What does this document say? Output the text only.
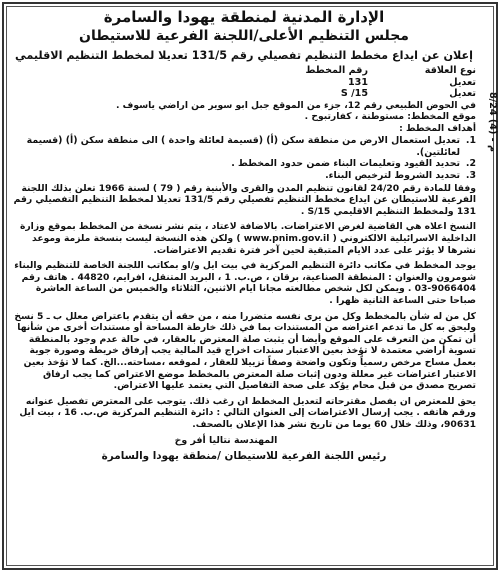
م - (4) 8/24

الإدارة المدنية لمنطقة يهودا والسامرة

مجلس التنظيم الأعلى/اللجنة الفرعية للاستيطان

إعلان عن ايداع مخطط التنظيم تفصيلي رقم 131/5 تعديلا لمخطط التنظيم الاقليمي

نوع العلاقة
رقم المخطط
تعديل
131
تعديل
S /15

في الحوض الطبيعي رقم 12، جزء من الموقع جبل ابو سوير من اراضي ياسوف .

موقع المخطط: مستوطنة ، كفارتبوح .

أهداف المخطط :

1.
تعديل استعمال الارض من منطقة سكن (أ) (قسيمة لعائلة واحدة ) الى منطقة سكن (أ) (قسيمة لعائلتين).
2.
تحديد القيود وتعليمات البناء ضمن حدود المخطط .
3.
تحديد الشروط لترخيص البناء.

وفقا للمادة رقم 24/20 لقانون تنظيم المدن والقرى والأبنية رقم ( 79 ) لسنة 1966 تعلن بذلك اللجنة الفرعية للاستيطان عن ايداع مخطط التنظيم تفصيلي رقم 131/5 تعديلا لمخطط التنظيم التفصيلي رقم 131 ولمخطط التنظيم الاقليمي S/15 .

النسخ اعلاه هي القاضية لغرض الاعتراضات. بالاضافة لاعتاد ، يتم نشر نسخة من المخطط بموقع وزارة الداخلية الاسرائيلية الالكتروني ( www.pnim.gov.il ) ولكن هذه النسخة ليست بنسخة ملزمة وموعد نشرها لا يؤثر على عدد الايام المتبقية لحين آخر فترة تقديم الاعتراضات.

يوجد المخطط في مكاتب دائرة التنظيم المركزية في بيت ايل و/او بمكاتب اللجنة الخاصة للتنظيم والبناء شومرون والعنوان : المنطقة الصناعية، برقان ، ص.ب. 1 ، البريد المتنقل، افرايم، 44820 . هاتف رقم 9066404-03 . ويمكن لكل شخص مطالعته مجانا ايام الاثنين، الثلاثاء والخميس من الساعة العاشرة صباحا حتى الساعة الثانية ظهرا .

كل من له شأن بالمخطط وكل من يرى نفسه متضررا منه ، من حقه أن يتقدم باعتراض معلل ب ـ 5 نسخ وليحق به كل ما تدعم اعتراضه من المستندات بما في ذلك خارطة المساحة أو مستندات أخرى من شأنها أن تمكن من التعرف على الموقع وأيضا أن يثبت صلة المعترض بالعقار، في حالة عدم وجود بالمنطقة تسوية أراضي معتمدة لا تؤخذ بعين الاعتبار سندات اخراج قيد المالية يجب إرفاق خريطة وصورة جوية بعمل مساح مرخص رسمياً وتكون واضحة وصفاً تزييلا للعقار ، لموقعه ،مساحته...الخ. كما لا تؤخذ بعين الاعتبار اعتراضات غير معللة ودون إثبات صلة المعترض بالمخطط موضع الاعتراض كما يجب ارفاق تصريح مصدق من قبل محام يؤكد على صحة التفاصيل التي يعتمد عليها الاعتراض.

يحق للمعترض ان يفصل مقترحاته لتعديل المخطط ان رغب ذلك. يتوجب على المعترض تفصيل عنوانه ورقم هاتفه . يجب إرسال الاعتراضات إلى العنوان التالي : دائرة التنظيم المركزية ص.ب. 16 ، بيت ايل 90631، وذلك خلال 60 يوما من تاريخ نشر هذا الإعلان بالصحف.

المهندسة نتاليا أفر وخ
رئيس اللجنة الفرعية للاستيطان /منطقة يهودا والسامرة
